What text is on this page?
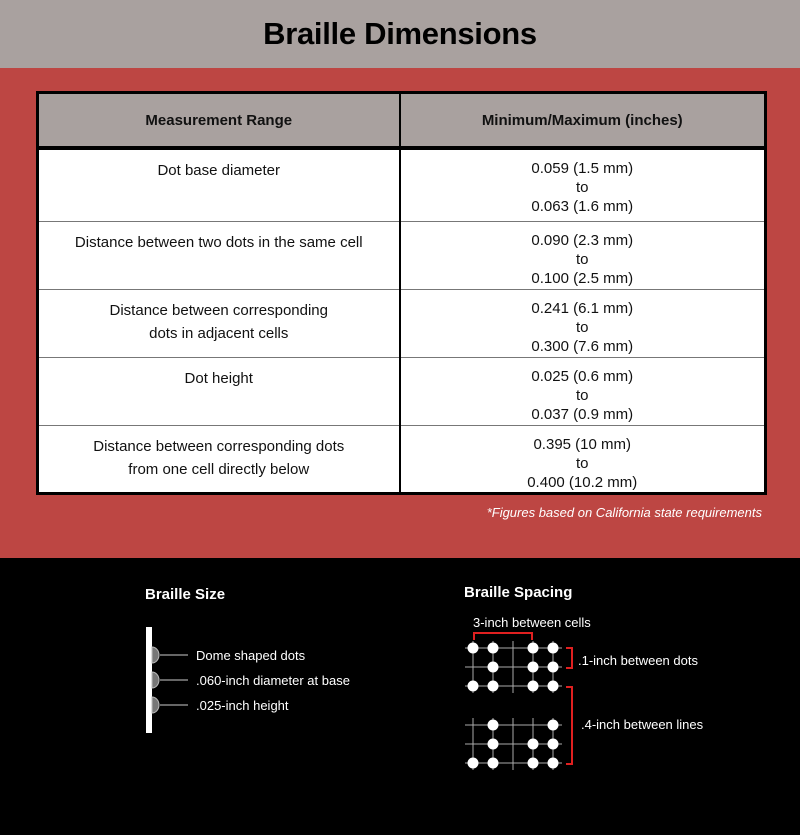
Braille Dimensions
Measurement Range	Minimum/Maximum (inches)

Dot base diameter	0.059 (1.5 mm)
to
0.063 (1.6 mm)

Distance between two dots in the same cell	0.090 (2.3 mm)
to
0.100 (2.5 mm)

Distance between corresponding
dots in adjacent cells	0.241 (6.1 mm)
to
0.300 (7.6 mm)

Dot height	0.025 (0.6 mm)
to
0.037 (0.9 mm)

Distance between corresponding dots
from one cell directly below	0.395 (10 mm)
to
0.400 (10.2 mm)
*Figures based on California state requirements
Braille Size
Dome shaped dots
.060-inch diameter at base
.025-inch height
Braille Spacing
3-inch between cells
.1-inch between dots
.4-inch between lines
